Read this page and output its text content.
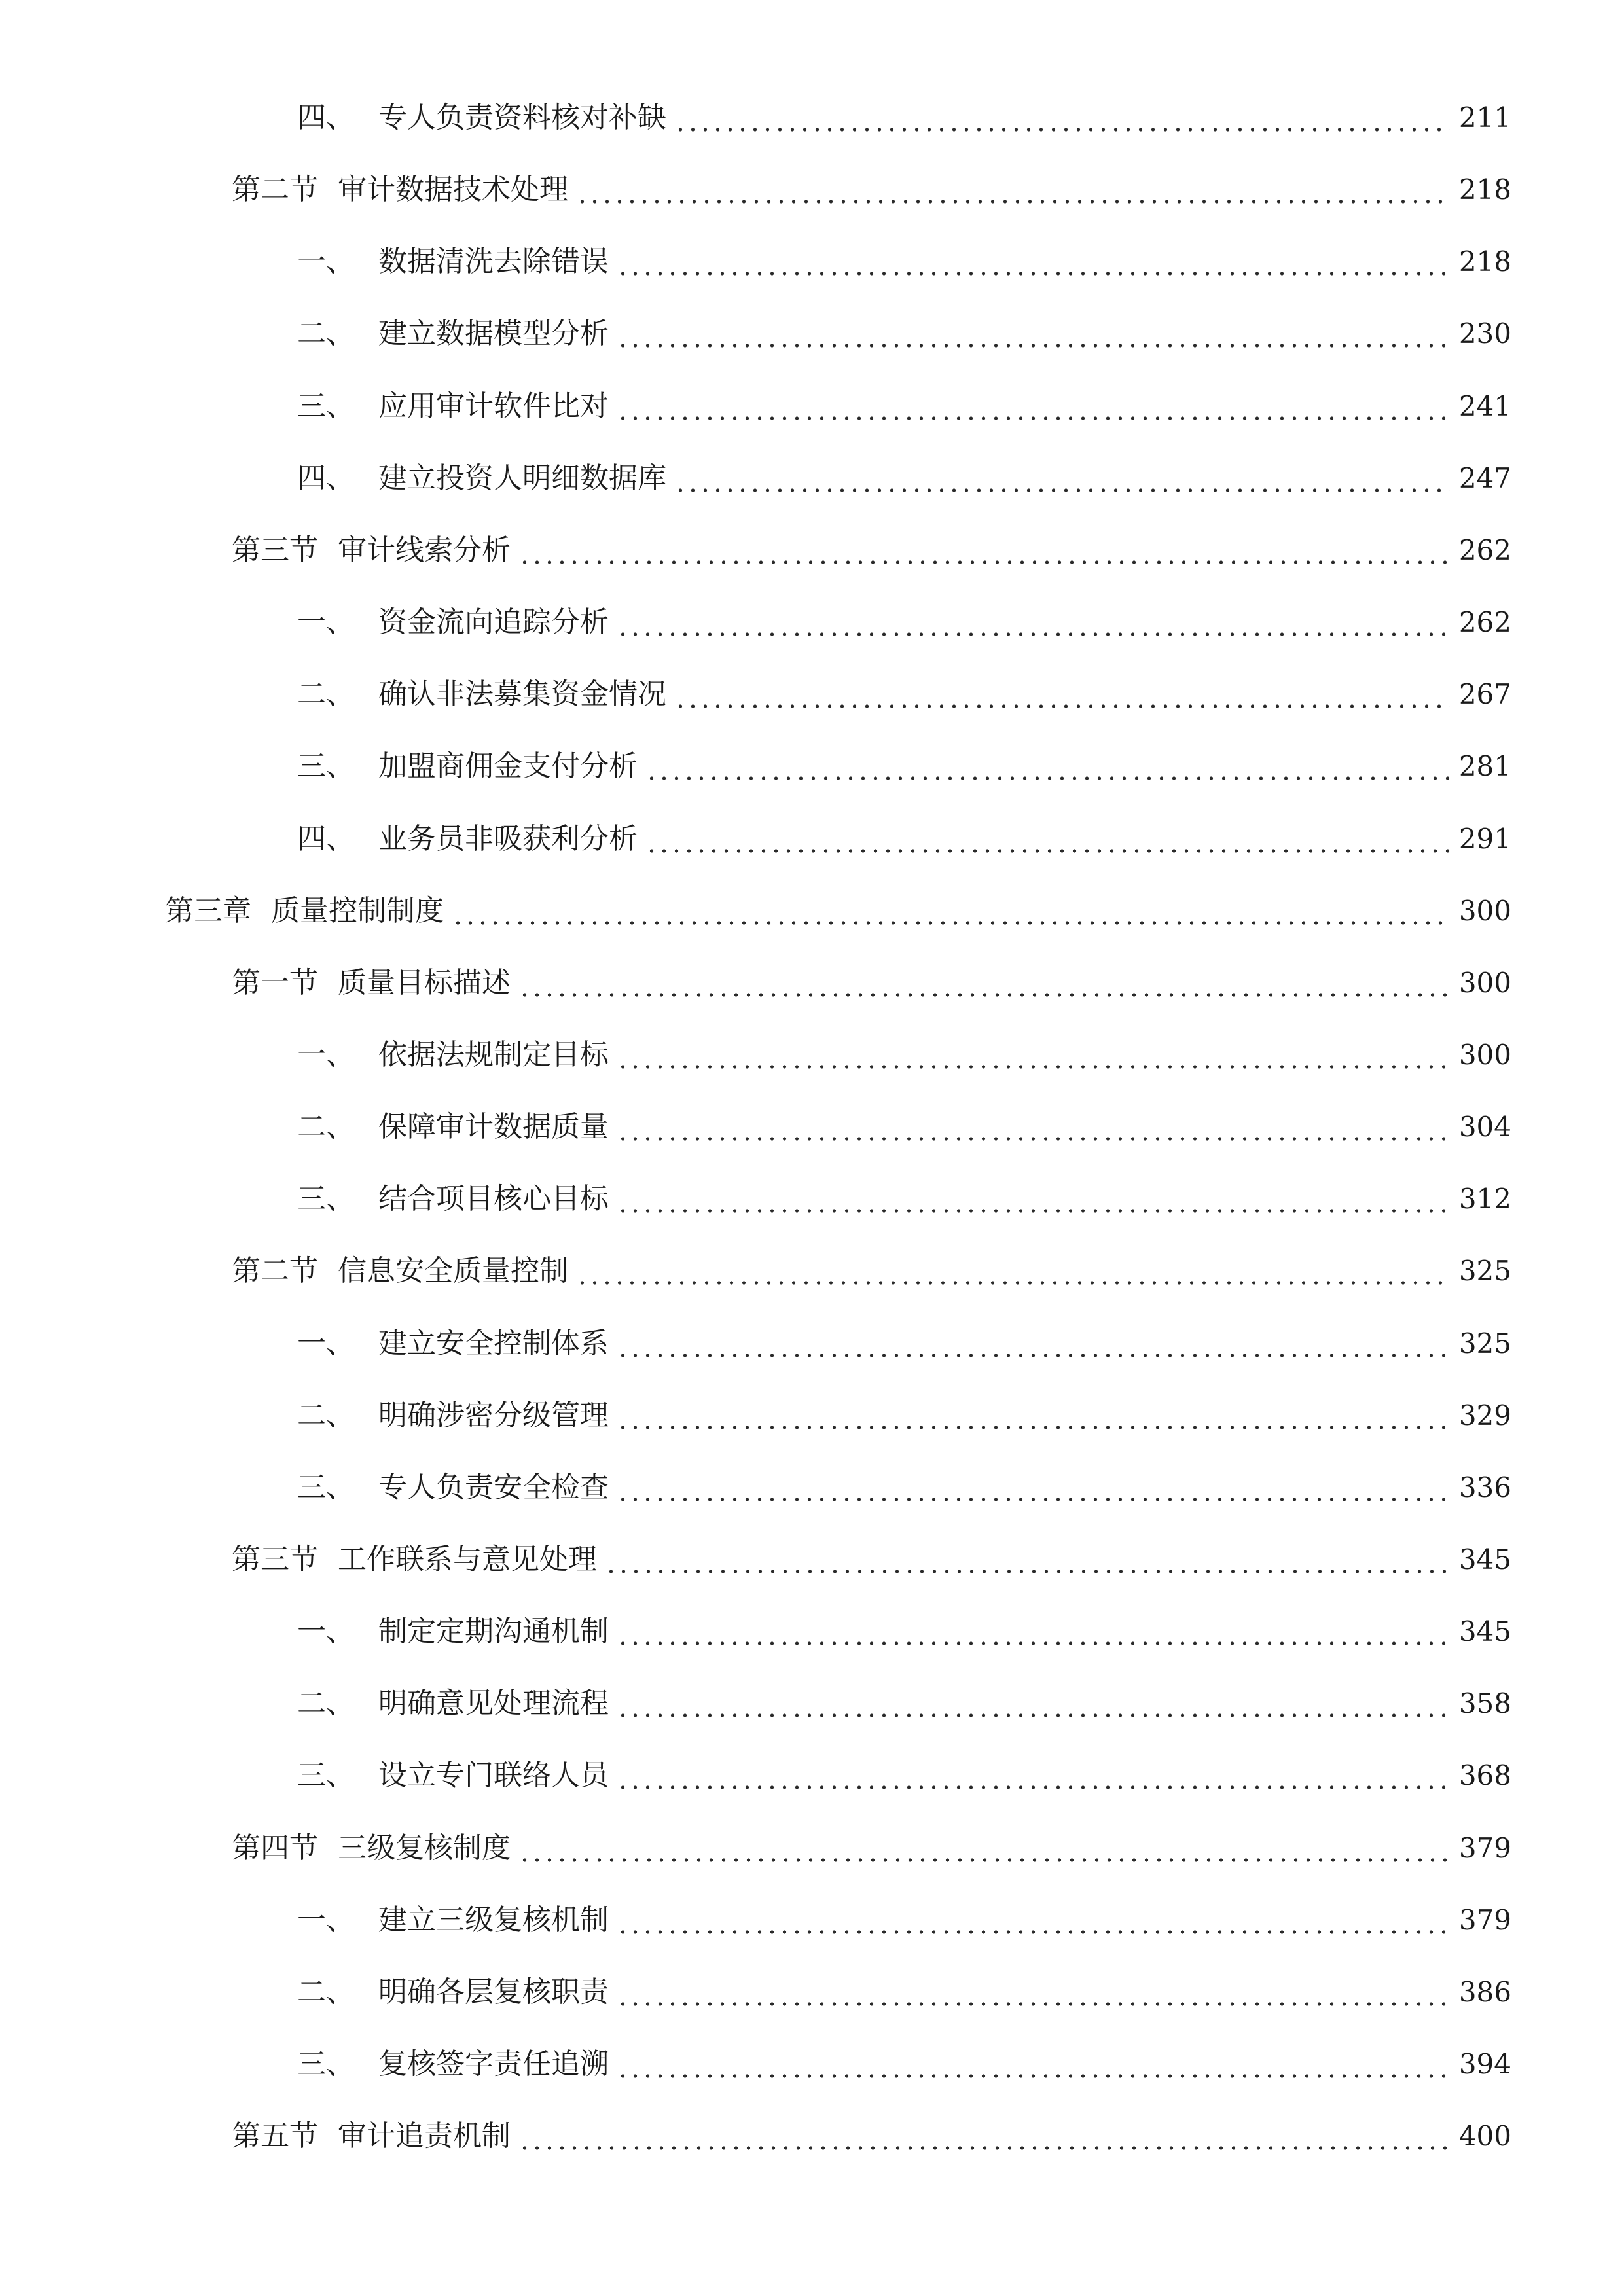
四、 专人负责资料核对补缺	211
第二节 审计数据技术处理	218
一、 数据清洗去除错误	218
二、 建立数据模型分析	230
三、 应用审计软件比对	241
四、 建立投资人明细数据库	247
第三节 审计线索分析	262
一、 资金流向追踪分析	262
二、 确认非法募集资金情况	267
三、 加盟商佣金支付分析	281
四、 业务员非吸获利分析	291
第三章 质量控制制度	300
第一节 质量目标描述	300
一、 依据法规制定目标	300
二、 保障审计数据质量	304
三、 结合项目核心目标	312
第二节 信息安全质量控制	325
一、 建立安全控制体系	325
二、 明确涉密分级管理	329
三、 专人负责安全检查	336
第三节 工作联系与意见处理	345
一、 制定定期沟通机制	345
二、 明确意见处理流程	358
三、 设立专门联络人员	368
第四节 三级复核制度	379
一、 建立三级复核机制	379
二、 明确各层复核职责	386
三、 复核签字责任追溯	394
第五节 审计追责机制	400
